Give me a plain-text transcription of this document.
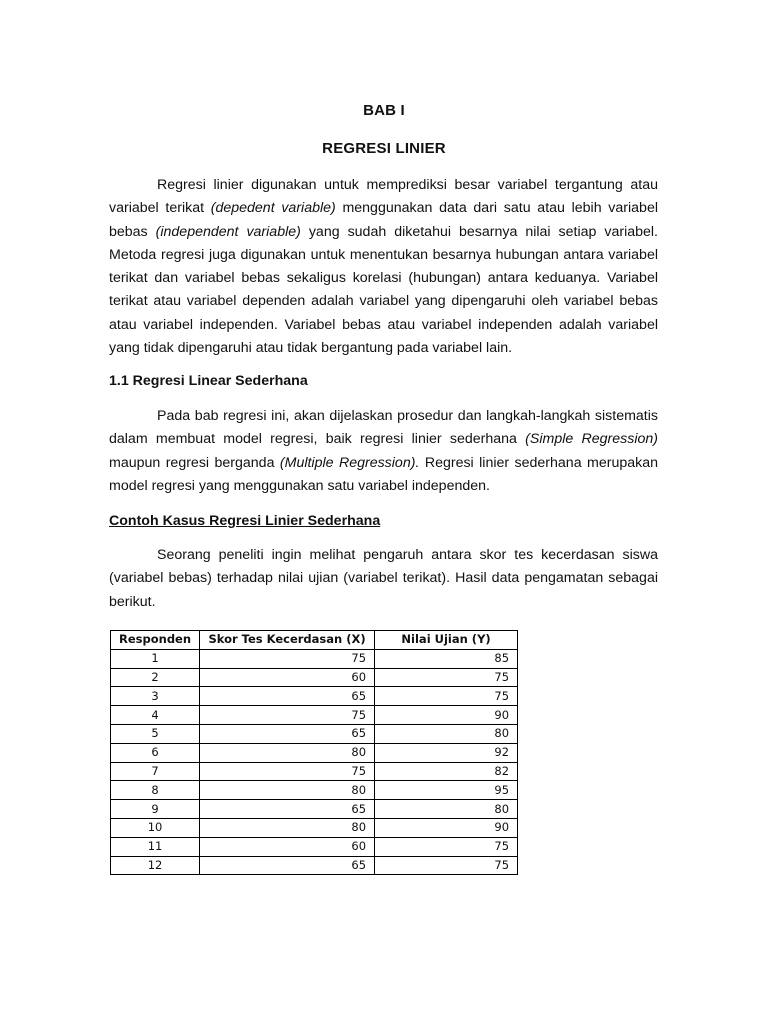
BAB I
REGRESI LINIER

Regresi linier digunakan untuk memprediksi besar variabel tergantung atau variabel terikat (depedent variable) menggunakan data dari satu atau lebih variabel bebas (independent variable) yang sudah diketahui besarnya nilai setiap variabel. Metoda regresi juga digunakan untuk menentukan besarnya hubungan antara variabel terikat dan variabel bebas sekaligus korelasi (hubungan) antara keduanya. Variabel terikat atau variabel dependen adalah variabel yang dipengaruhi oleh variabel bebas atau variabel independen. Variabel bebas atau variabel independen adalah variabel yang tidak dipengaruhi atau tidak bergantung pada variabel lain.

1.1 Regresi Linear Sederhana

Pada bab regresi ini, akan dijelaskan prosedur dan langkah-langkah sistematis dalam membuat model regresi, baik regresi linier sederhana (Simple Regression) maupun regresi berganda (Multiple Regression). Regresi linier sederhana merupakan model regresi yang menggunakan satu variabel independen.

Contoh Kasus Regresi Linier Sederhana

Seorang peneliti ingin melihat pengaruh antara skor tes kecerdasan siswa (variabel bebas) terhadap nilai ujian (variabel terikat). Hasil data pengamatan sebagai berikut.

Responden	Skor Tes Kecerdasan (X)	Nilai Ujian (Y)
1	75	85
2	60	75
3	65	75
4	75	90
5	65	80
6	80	92
7	75	82
8	80	95
9	65	80
10	80	90
11	60	75
12	65	75
